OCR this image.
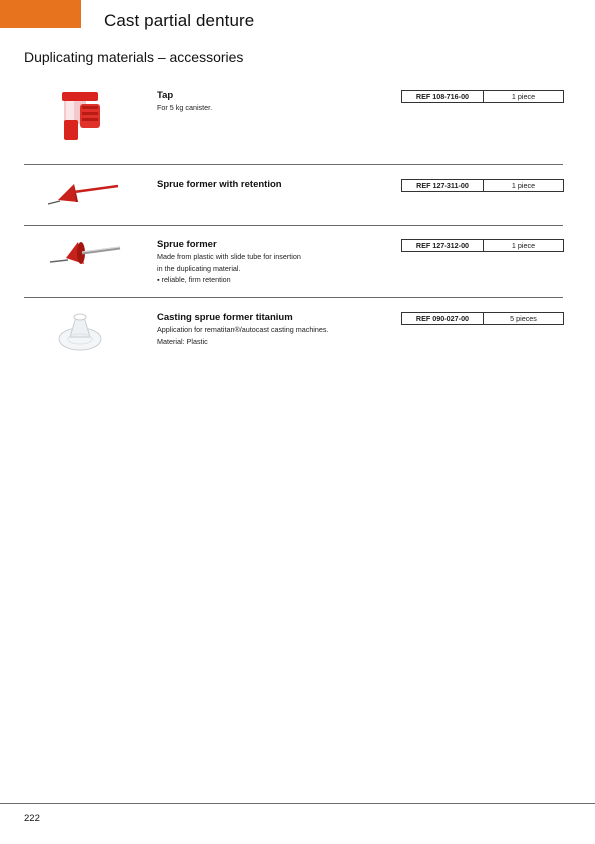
Cast partial denture
Duplicating materials – accessories
Tap
For 5 kg canister.
REF 108-716-00	1 piece
Sprue former with retention	REF 127-311-00	1 piece
Sprue former
Made from plastic with slide tube for insertion
in the duplicating material.
▪ reliable, firm retention
REF 127-312-00	1 piece
Casting sprue former titanium
Application for rematitan®/autocast casting machines.
Material: Plastic
REF 090-027-00	5 pieces
222
